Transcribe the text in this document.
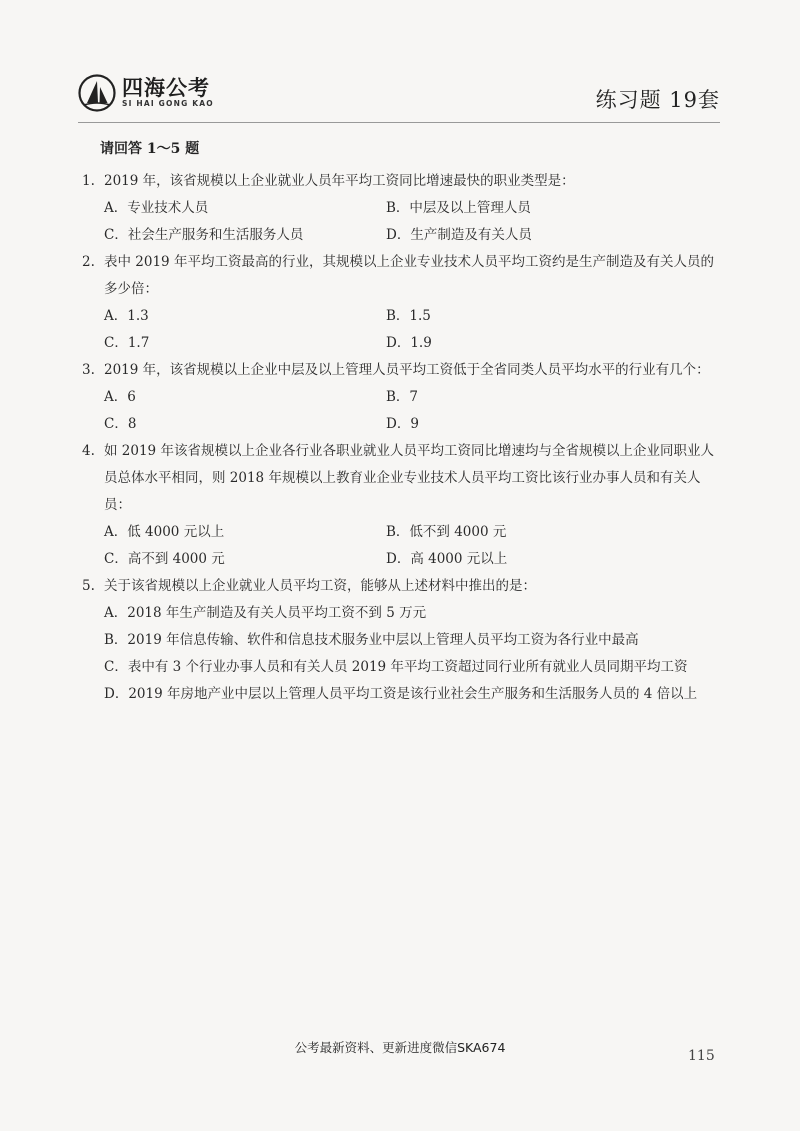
四海公考
SI HAI GONG KAO	练习题 19套
请回答 1～5 题
1. 2019 年，该省规模以上企业就业人员年平均工资同比增速最快的职业类型是：
A．专业技术人员	B．中层及以上管理人员
C．社会生产服务和生活服务人员	D．生产制造及有关人员
2. 表中 2019 年平均工资最高的行业，其规模以上企业专业技术人员平均工资约是生产制造及有关人员的多少倍：
A．1.3	B．1.5
C．1.7	D．1.9
3. 2019 年，该省规模以上企业中层及以上管理人员平均工资低于全省同类人员平均水平的行业有几个：
A．6	B．7
C．8	D．9
4. 如 2019 年该省规模以上企业各行业各职业就业人员平均工资同比增速均与全省规模以上企业同职业人员总体水平相同，则 2018 年规模以上教育业企业专业技术人员平均工资比该行业办事人员和有关人员：
A．低 4000 元以上	B．低不到 4000 元
C．高不到 4000 元	D．高 4000 元以上
5. 关于该省规模以上企业就业人员平均工资，能够从上述材料中推出的是：
A．2018 年生产制造及有关人员平均工资不到 5 万元
B．2019 年信息传输、软件和信息技术服务业中层以上管理人员平均工资为各行业中最高
C．表中有 3 个行业办事人员和有关人员 2019 年平均工资超过同行业所有就业人员同期平均工资
D．2019 年房地产业中层以上管理人员平均工资是该行业社会生产服务和生活服务人员的 4 倍以上
公考最新资料、更新进度微信SKA674
115
